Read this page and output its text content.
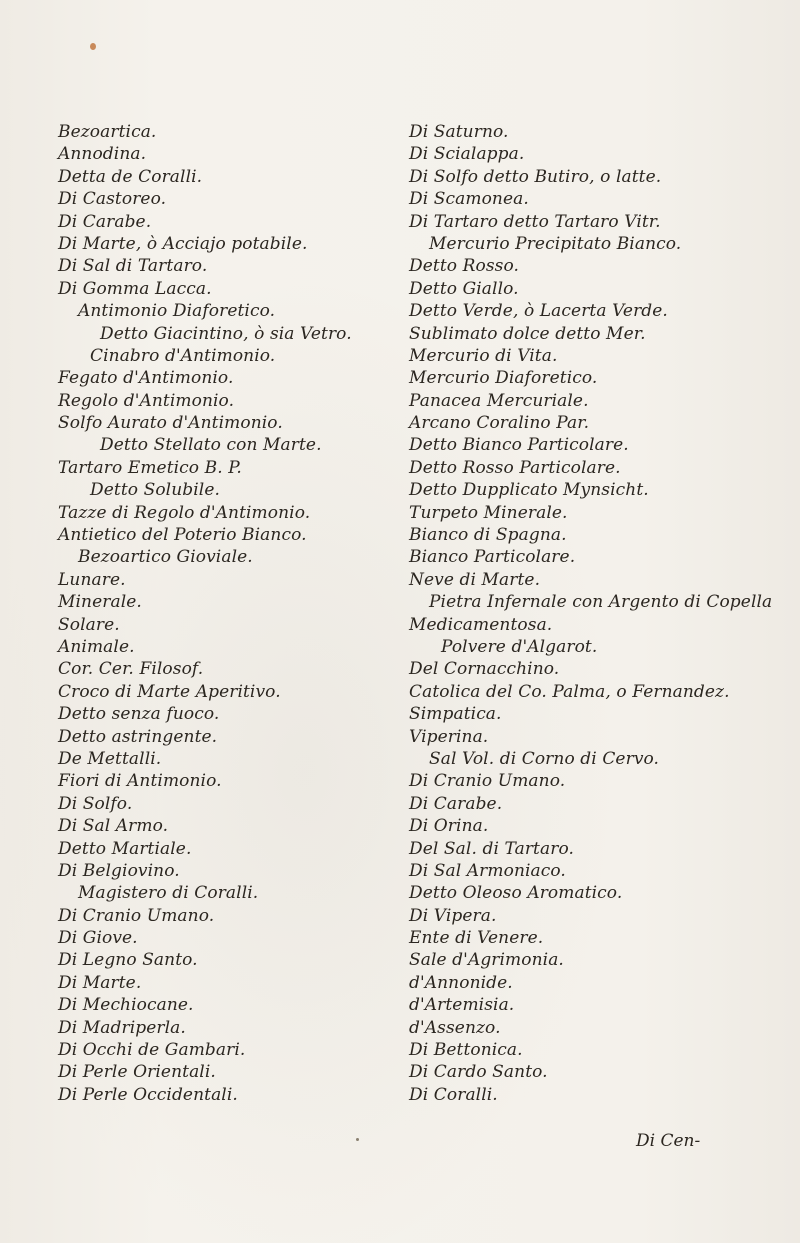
Bezoartica.
Annodina.
Detta de Coralli.
Di Castoreo.
Di Carabe.
Di Marte, ò Acciajo potabile.
Di Sal di Tartaro.
Di Gomma Lacca.
Antimonio Diaforetico.
Detto Giacintino, ò sia Vetro.
Cinabro d'Antimonio.
Fegato d'Antimonio.
Regolo d'Antimonio.
Solfo Aurato d'Antimonio.
Detto Stellato con Marte.
Tartaro Emetico B. P.
Detto Solubile.
Tazze di Regolo d'Antimonio.
Antietico del Poterio Bianco.
Bezoartico Gioviale.
Lunare.
Minerale.
Solare.
Animale.
Cor. Cer. Filosof.
Croco di Marte Aperitivo.
Detto senza fuoco.
Detto astringente.
De Mettalli.
Fiori di Antimonio.
Di Solfo.
Di Sal Armo.
Detto Martiale.
Di Belgiovino.
Magistero di Coralli.
Di Cranio Umano.
Di Giove.
Di Legno Santo.
Di Marte.
Di Mechiocane.
Di Madriperla.
Di Occhi de Gambari.
Di Perle Orientali.
Di Perle Occidentali.
Di Saturno.
Di Scialappa.
Di Solfo detto Butiro, o latte.
Di Scamonea.
Di Tartaro detto Tartaro Vitr.
Mercurio Precipitato Bianco.
Detto Rosso.
Detto Giallo.
Detto Verde, ò Lacerta Verde.
Sublimato dolce detto Mer.
Mercurio di Vita.
Mercurio Diaforetico.
Panacea Mercuriale.
Arcano Coralino Par.
Detto Bianco Particolare.
Detto Rosso Particolare.
Detto Dupplicato Mynsicht.
Turpeto Minerale.
Bianco di Spagna.
Bianco Particolare.
Neve di Marte.
Pietra Infernale con Argento di Copella
Medicamentosa.
Polvere d'Algarot.
Del Cornacchino.
Catolica del Co. Palma, o Fernandez.
Simpatica.
Viperina.
Sal Vol. di Corno di Cervo.
Di Cranio Umano.
Di Carabe.
Di Orina.
Del Sal. di Tartaro.
Di Sal Armoniaco.
Detto Oleoso Aromatico.
Di Vipera.
Ente di Venere.
Sale d'Agrimonia.
d'Annonide.
d'Artemisia.
d'Assenzo.
Di Bettonica.
Di Cardo Santo.
Di Coralli.
Di Cen-
